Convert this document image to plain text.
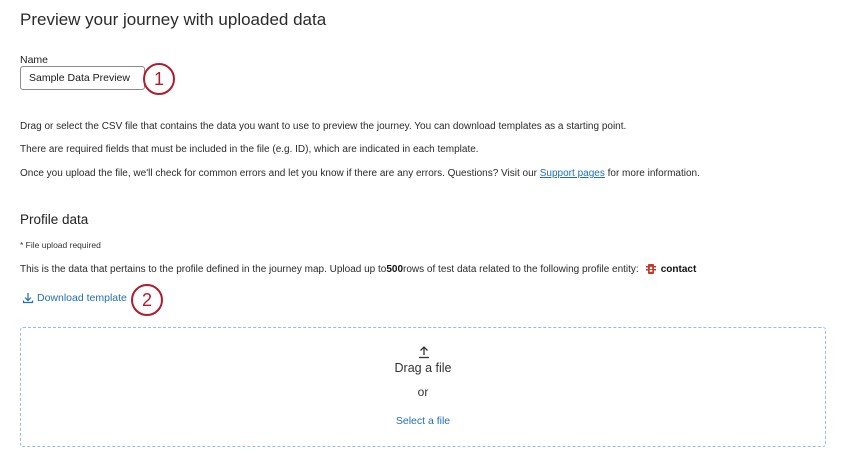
Preview your journey with uploaded data
Name
Sample Data Preview
1
Drag or select the CSV file that contains the data you want to use to preview the journey. You can download templates as a starting point.
There are required fields that must be included in the file (e.g. ID), which are indicated in each template.
Once you upload the file, we'll check for common errors and let you know if there are any errors. Questions? Visit our Support pages for more information.
Profile data
* File upload required
This is the data that pertains to the profile defined in the journey map. Upload up to 500 rows of test data related to the following profile entity: contact
Download template 2
Drag a file
or
Select a file
